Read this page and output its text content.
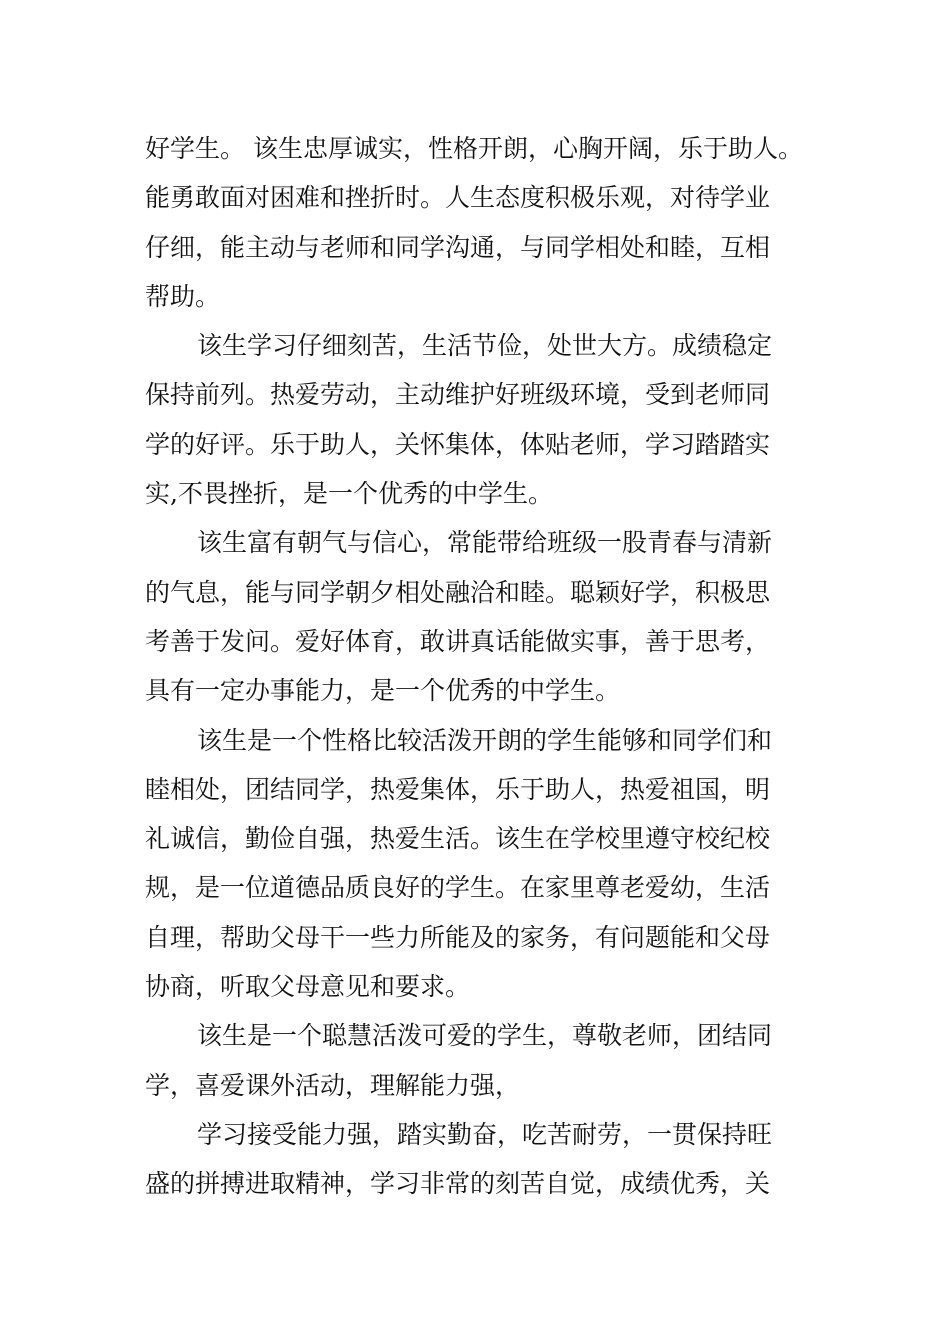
好学生。 该生忠厚诚实，性格开朗，心胸开阔，乐于助人。
能勇敢面对困难和挫折时。人生态度积极乐观，对待学业
仔细，能主动与老师和同学沟通，与同学相处和睦，互相
帮助。
该生学习仔细刻苦，生活节俭，处世大方。成绩稳定
保持前列。热爱劳动，主动维护好班级环境，受到老师同
学的好评。乐于助人，关怀集体，体贴老师，学习踏踏实
实,不畏挫折，是一个优秀的中学生。
该生富有朝气与信心，常能带给班级一股青春与清新
的气息，能与同学朝夕相处融洽和睦。聪颖好学，积极思
考善于发问。爱好体育，敢讲真话能做实事，善于思考，
具有一定办事能力，是一个优秀的中学生。
该生是一个性格比较活泼开朗的学生能够和同学们和
睦相处，团结同学，热爱集体，乐于助人，热爱祖国，明
礼诚信，勤俭自强，热爱生活。该生在学校里遵守校纪校
规，是一位道德品质良好的学生。在家里尊老爱幼，生活
自理，帮助父母干一些力所能及的家务，有问题能和父母
协商，听取父母意见和要求。
该生是一个聪慧活泼可爱的学生，尊敬老师，团结同
学，喜爱课外活动，理解能力强，
学习接受能力强，踏实勤奋，吃苦耐劳，一贯保持旺
盛的拼搏进取精神，学习非常的刻苦自觉，成绩优秀，关
